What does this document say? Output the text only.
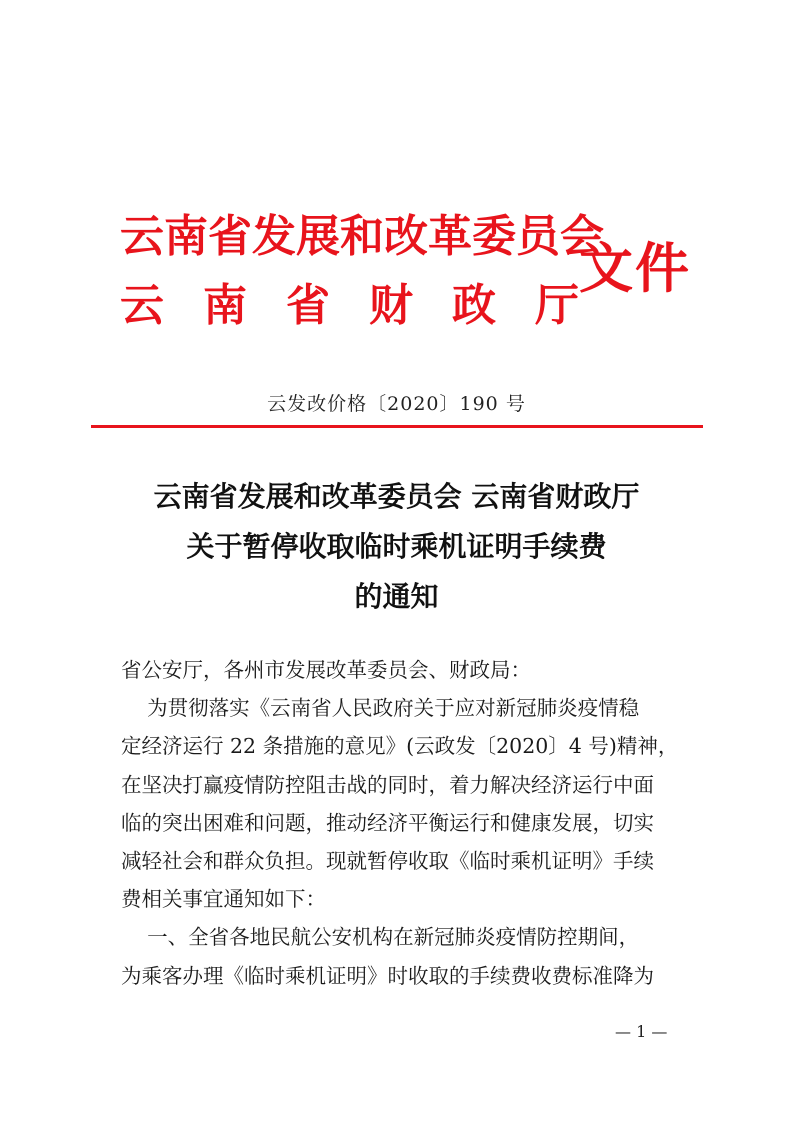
云南省发展和改革委员会
云南省财政厅
文件
云发改价格〔2020〕190 号
云南省发展和改革委员会 云南省财政厅
关于暂停收取临时乘机证明手续费
的通知
省公安厅，各州市发展改革委员会、财政局：
为贯彻落实《云南省人民政府关于应对新冠肺炎疫情稳
定经济运行 22 条措施的意见》(云政发〔2020〕4 号)精神，
在坚决打赢疫情防控阻击战的同时，着力解决经济运行中面
临的突出困难和问题，推动经济平衡运行和健康发展，切实
减轻社会和群众负担。现就暂停收取《临时乘机证明》手续
费相关事宜通知如下：
一、全省各地民航公安机构在新冠肺炎疫情防控期间，
为乘客办理《临时乘机证明》时收取的手续费收费标准降为
— 1 —
